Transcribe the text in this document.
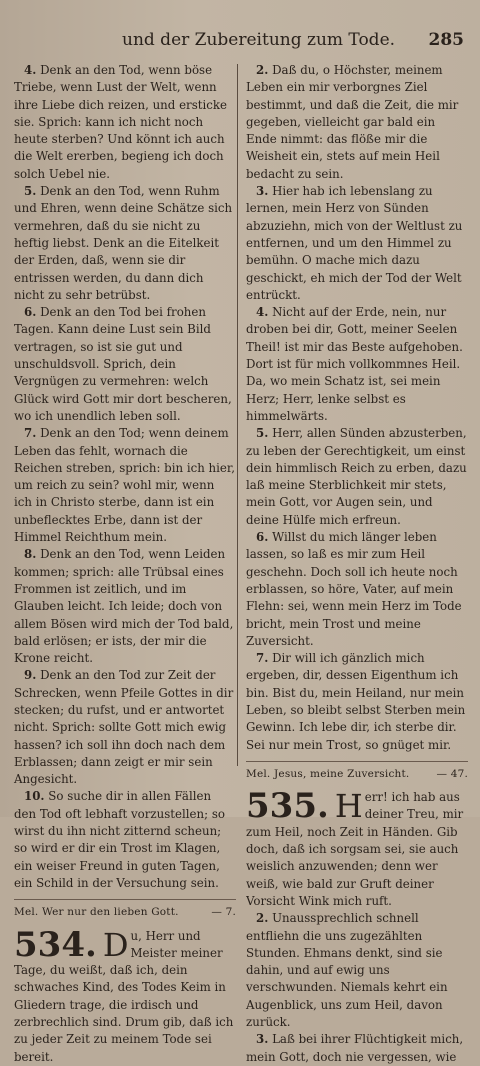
und der Zubereitung zum Tode. 285

4. Denk an den Tod, wenn böse Triebe, wenn Lust der Welt, wenn ihre Liebe dich reizen, und ersticke sie. Sprich: kann ich nicht noch heute sterben? Und könnt ich auch die Welt ererben, begieng ich doch solch Uebel nie.

5. Denk an den Tod, wenn Ruhm und Ehren, wenn deine Schätze sich vermehren, daß du sie nicht zu heftig liebst. Denk an die Eitelkeit der Erden, daß, wenn sie dir entrissen werden, du dann dich nicht zu sehr betrübst.

6. Denk an den Tod bei frohen Tagen. Kann deine Lust sein Bild vertragen, so ist sie gut und unschuldsvoll. Sprich, dein Vergnügen zu vermehren: welch Glück wird Gott mir dort bescheren, wo ich unendlich leben soll.

7. Denk an den Tod; wenn deinem Leben das fehlt, wornach die Reichen streben, sprich: bin ich hier, um reich zu sein? wohl mir, wenn ich in Christo sterbe, dann ist ein unbeflecktes Erbe, dann ist der Himmel Reichthum mein.

8. Denk an den Tod, wenn Leiden kommen; sprich: alle Trübsal eines Frommen ist zeitlich, und im Glauben leicht. Ich leide; doch von allem Bösen wird mich der Tod bald, bald erlösen; er ists, der mir die Krone reicht.

9. Denk an den Tod zur Zeit der Schrecken, wenn Pfeile Gottes in dir stecken; du rufst, und er antwortet nicht. Sprich: sollte Gott mich ewig hassen? ich soll ihn doch nach dem Erblassen; dann zeigt er mir sein Angesicht.

10. So suche dir in allen Fällen den Tod oft lebhaft vorzustellen; so wirst du ihn nicht zitternd scheun; so wird er dir ein Trost im Klagen, ein weiser Freund in guten Tagen, ein Schild in der Versuchung sein.

Mel. Wer nur den lieben Gott.	— 7.
534. D u, Herr und Meister meiner Tage, du weißt, daß ich, dein schwaches Kind, des Todes Keim in Gliedern trage, die irdisch und zerbrechlich sind. Drum gib, daß ich zu jeder Zeit zu meinem Tode sei bereit.

2. Daß du, o Höchster, meinem Leben ein mir verborgnes Ziel bestimmt, und daß die Zeit, die mir gegeben, vielleicht gar bald ein Ende nimmt: das flöße mir die Weisheit ein, stets auf mein Heil bedacht zu sein.

3. Hier hab ich lebenslang zu lernen, mein Herz von Sünden abzuziehn, mich von der Weltlust zu entfernen, und um den Himmel zu bemühn. O mache mich dazu geschickt, eh mich der Tod der Welt entrückt.

4. Nicht auf der Erde, nein, nur droben bei dir, Gott, meiner Seelen Theil! ist mir das Beste aufgehoben. Dort ist für mich vollkommnes Heil. Da, wo mein Schatz ist, sei mein Herz; Herr, lenke selbst es himmelwärts.

5. Herr, allen Sünden abzusterben, zu leben der Gerechtigkeit, um einst dein himmlisch Reich zu erben, dazu laß meine Sterblichkeit mir stets, mein Gott, vor Augen sein, und deine Hülfe mich erfreun.

6. Willst du mich länger leben lassen, so laß es mir zum Heil geschehn. Doch soll ich heute noch erblassen, so höre, Vater, auf mein Flehn: sei, wenn mein Herz im Tode bricht, mein Trost und meine Zuversicht.

7. Dir will ich gänzlich mich ergeben, dir, dessen Eigenthum ich bin. Bist du, mein Heiland, nur mein Leben, so bleibt selbst Sterben mein Gewinn. Ich lebe dir, ich sterbe dir. Sei nur mein Trost, so gnüget mir.

Mel. Jesus, meine Zuversicht.	— 47.
535. H err! ich hab aus deiner Treu, mir zum Heil, noch Zeit in Händen. Gib doch, daß ich sorgsam sei, sie auch weislich anzuwenden; denn wer weiß, wie bald zur Gruft deiner Vorsicht Wink mich ruft.

2. Unaussprechlich schnell entfliehn die uns zugezählten Stunden. Ehmans denkt, sind sie dahin, und auf ewig uns verschwunden. Niemals kehrt ein Augenblick, uns zum Heil, davon zurück.

3. Laß bei ihrer Flüchtigkeit mich, mein Gott, doch nie vergessen, wie
